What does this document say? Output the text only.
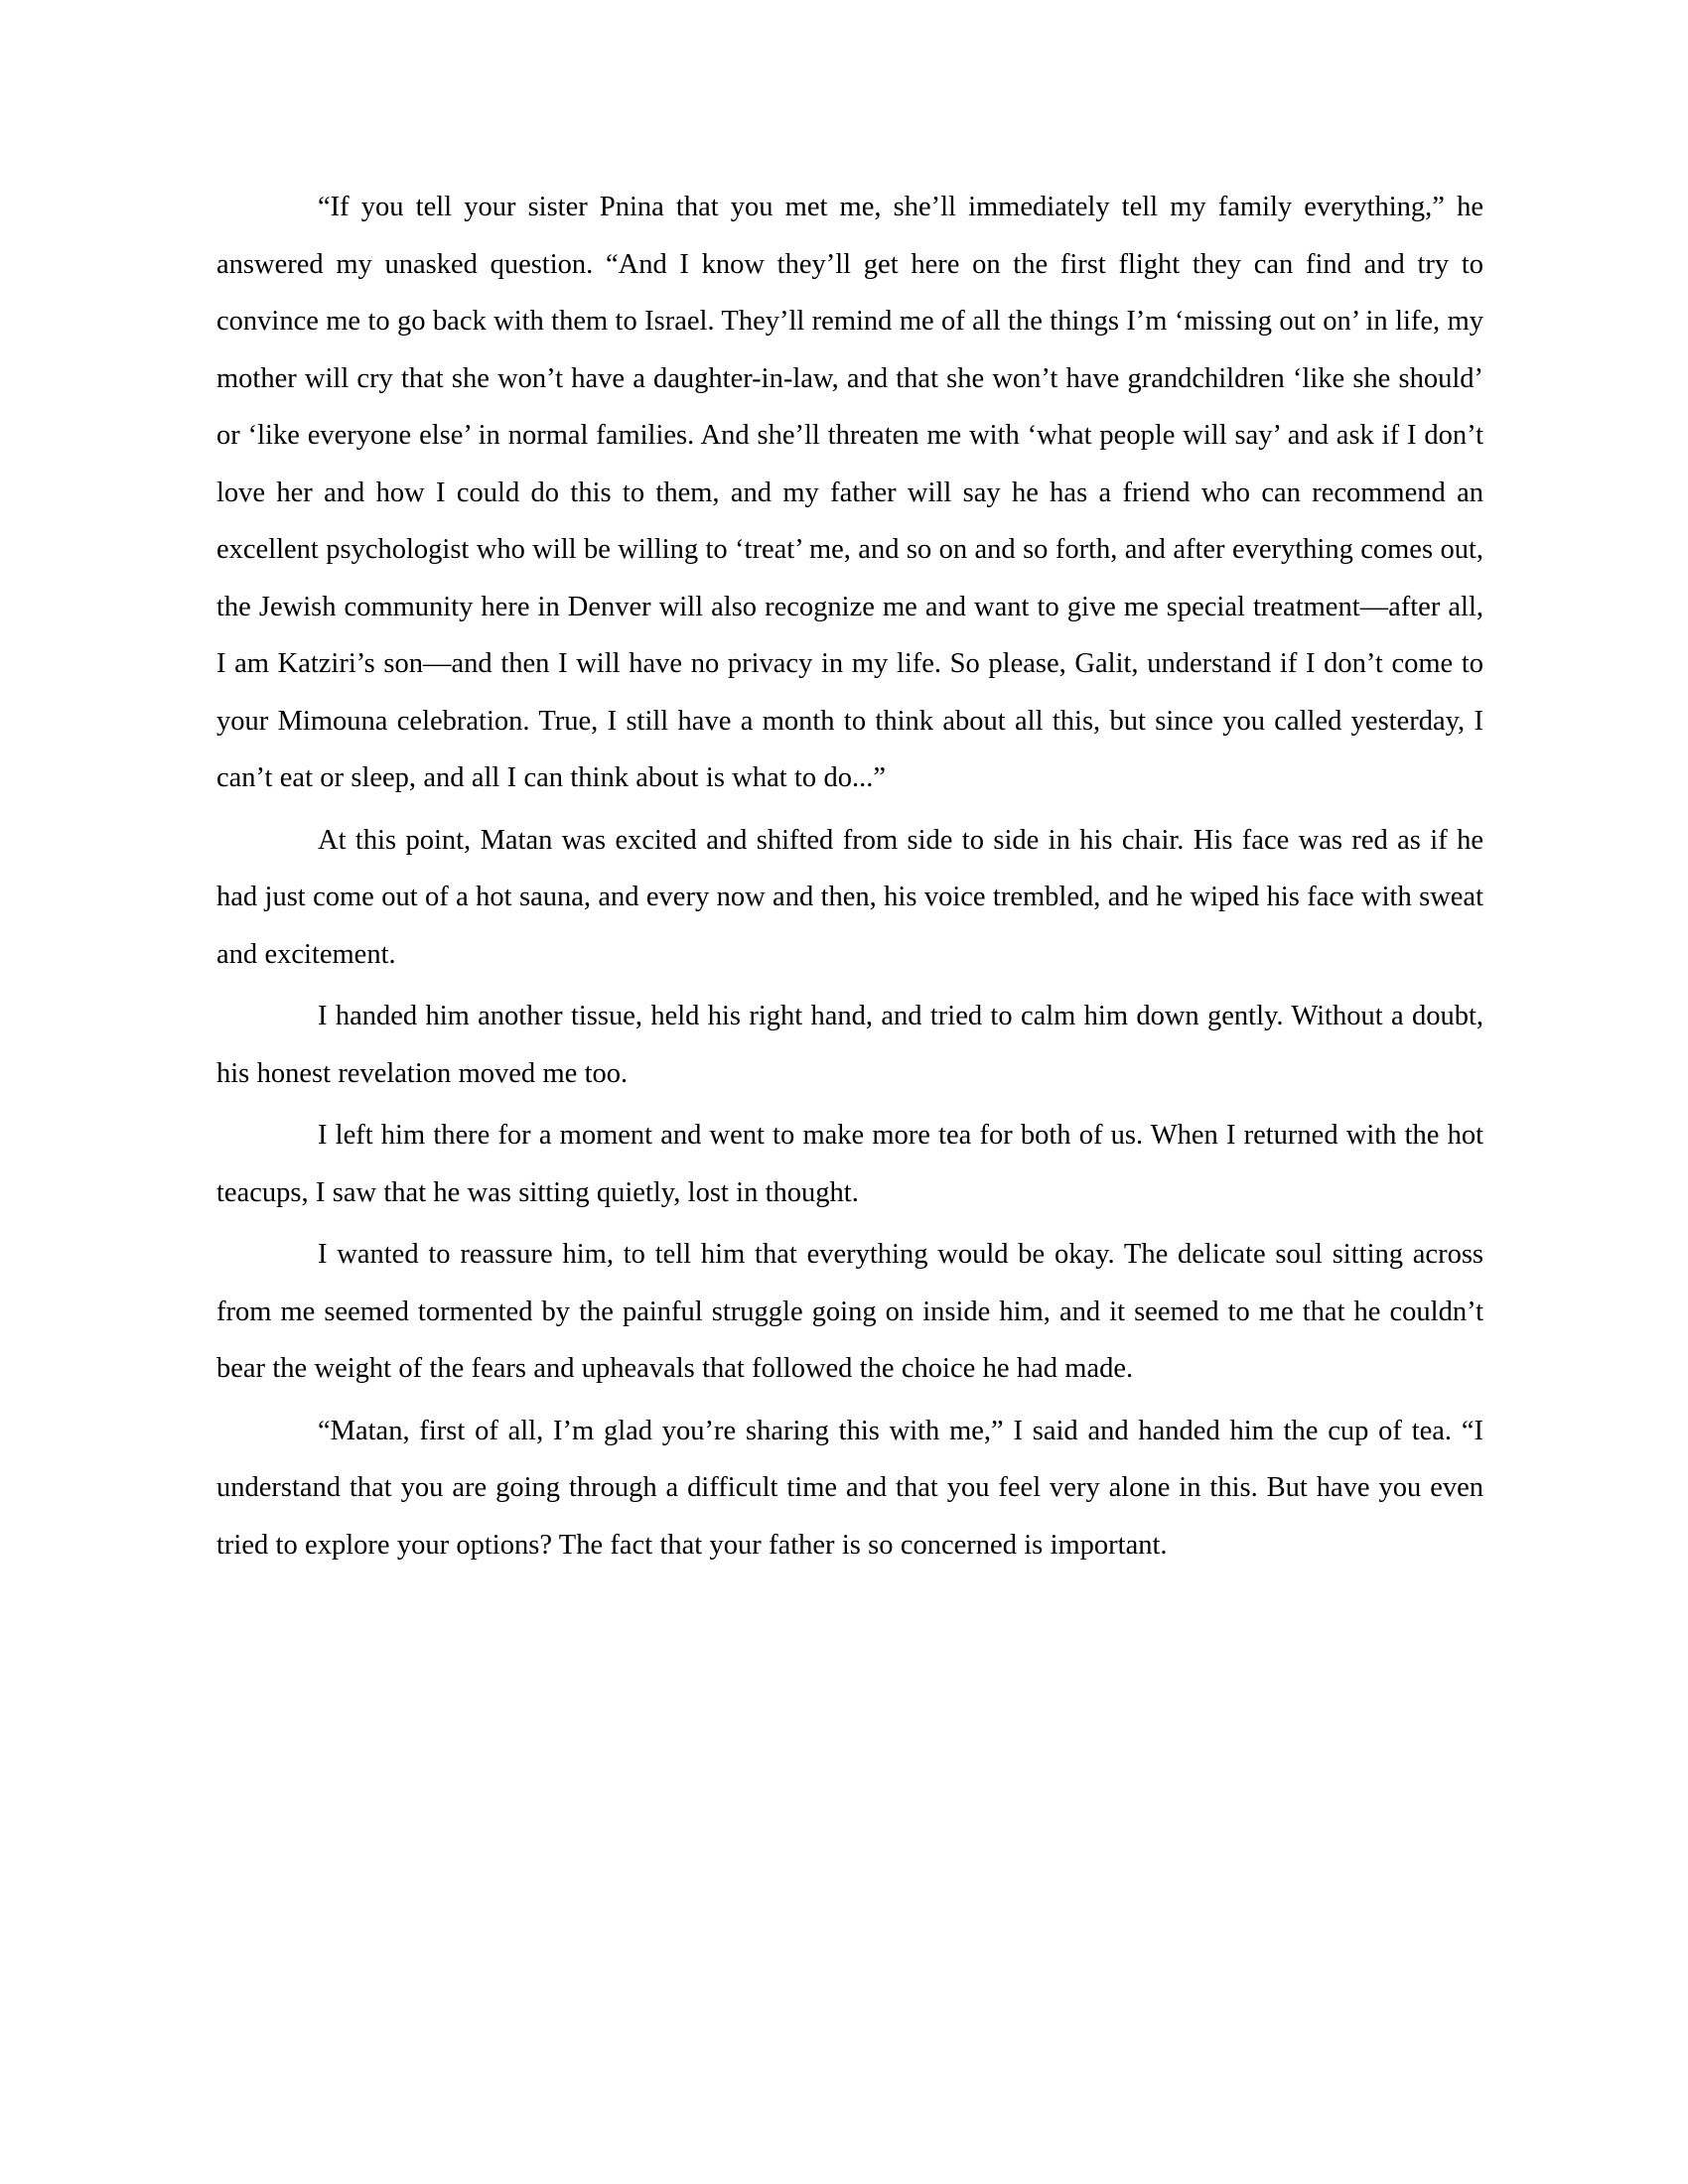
“If you tell your sister Pnina that you met me, she’ll immediately tell my family everything,” he answered my unasked question. “And I know they’ll get here on the first flight they can find and try to convince me to go back with them to Israel. They’ll remind me of all the things I’m ‘missing out on’ in life, my mother will cry that she won’t have a daughter-in-law, and that she won’t have grandchildren ‘like she should’ or ‘like everyone else’ in normal families. And she’ll threaten me with ‘what people will say’ and ask if I don’t love her and how I could do this to them, and my father will say he has a friend who can recommend an excellent psychologist who will be willing to ‘treat’ me, and so on and so forth, and after everything comes out, the Jewish community here in Denver will also recognize me and want to give me special treatment—after all, I am Katziri’s son—and then I will have no privacy in my life. So please, Galit, understand if I don’t come to your Mimouna celebration. True, I still have a month to think about all this, but since you called yesterday, I can’t eat or sleep, and all I can think about is what to do...”

At this point, Matan was excited and shifted from side to side in his chair. His face was red as if he had just come out of a hot sauna, and every now and then, his voice trembled, and he wiped his face with sweat and excitement.

I handed him another tissue, held his right hand, and tried to calm him down gently. Without a doubt, his honest revelation moved me too.

I left him there for a moment and went to make more tea for both of us. When I returned with the hot teacups, I saw that he was sitting quietly, lost in thought.

I wanted to reassure him, to tell him that everything would be okay. The delicate soul sitting across from me seemed tormented by the painful struggle going on inside him, and it seemed to me that he couldn’t bear the weight of the fears and upheavals that followed the choice he had made.

“Matan, first of all, I’m glad you’re sharing this with me,” I said and handed him the cup of tea. “I understand that you are going through a difficult time and that you feel very alone in this. But have you even tried to explore your options? The fact that your father is so concerned is important.
